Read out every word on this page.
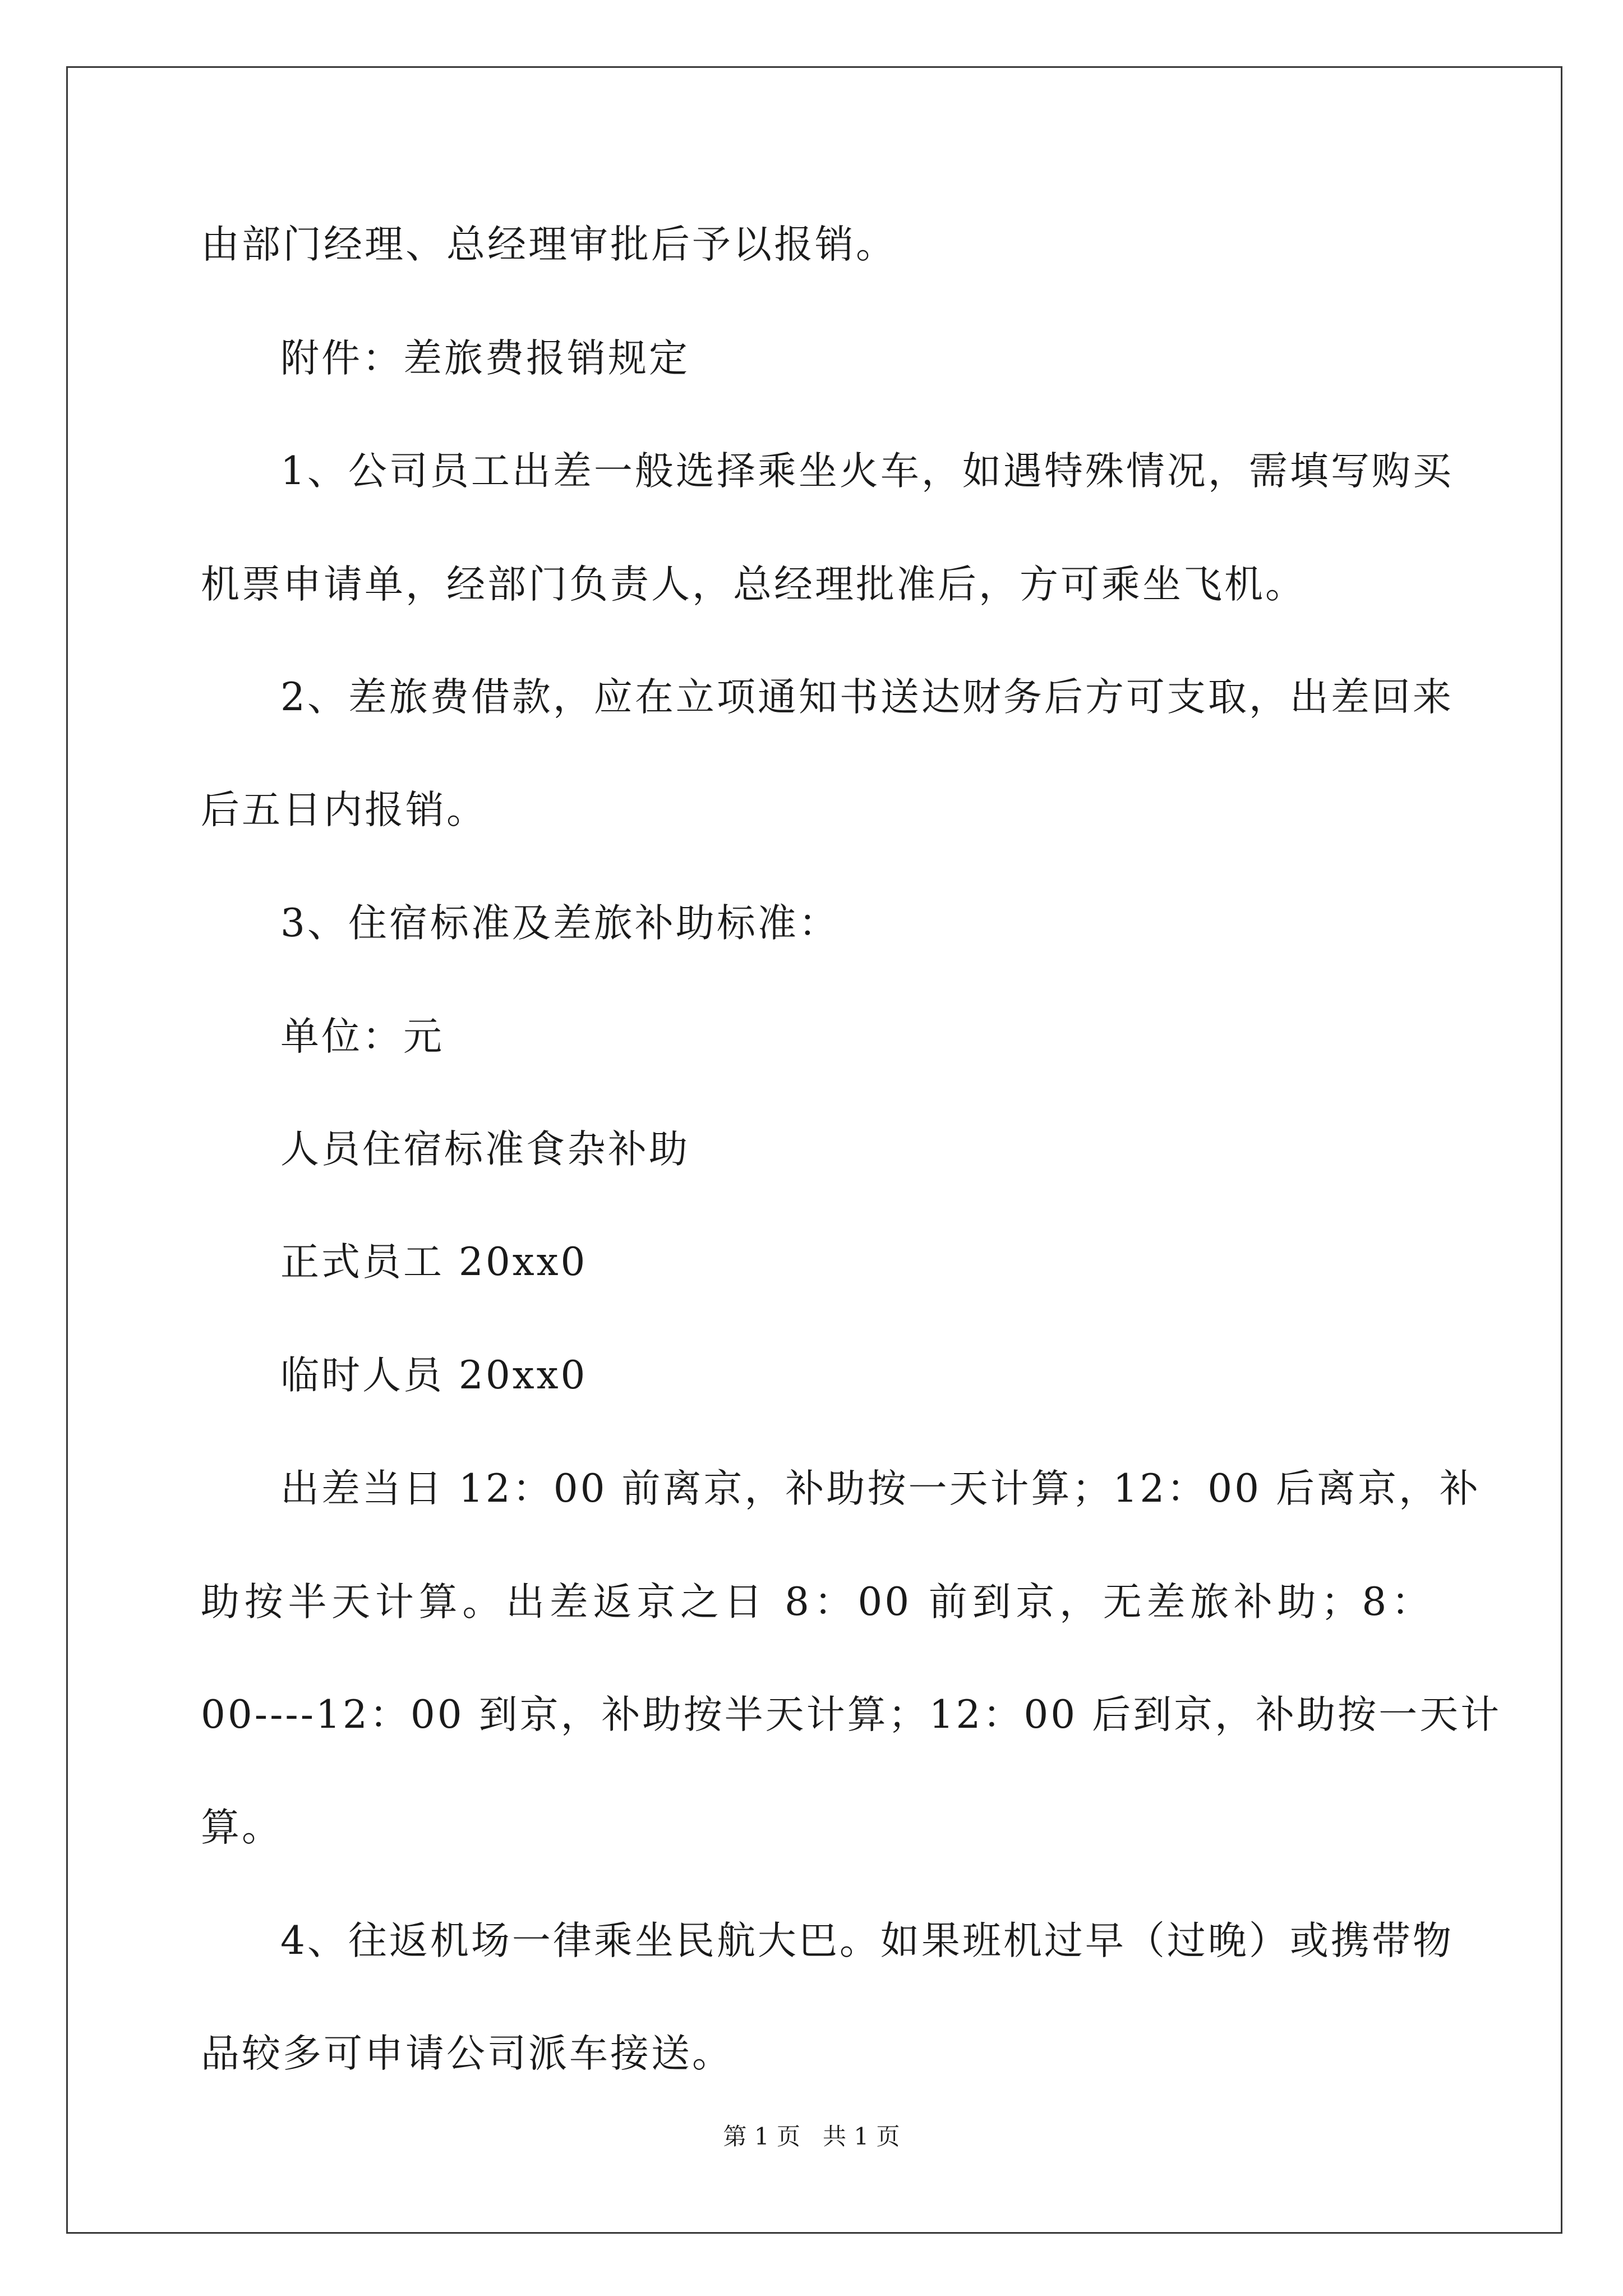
由部门经理、总经理审批后予以报销。
附件：差旅费报销规定
1、公司员工出差一般选择乘坐火车，如遇特殊情况，需填写购买
机票申请单，经部门负责人，总经理批准后，方可乘坐飞机。
2、差旅费借款，应在立项通知书送达财务后方可支取，出差回来
后五日内报销。
3、住宿标准及差旅补助标准：
单位：元
人员住宿标准食杂补助
正式员工 20xx0
临时人员 20xx0
出差当日 12：00 前离京，补助按一天计算；12：00 后离京，补
助按半天计算。出差返京之日 8：00 前到京，无差旅补助；8：
00----12：00 到京，补助按半天计算；12：00 后到京，补助按一天计
算。
4、往返机场一律乘坐民航大巴。如果班机过早（过晚）或携带物
品较多可申请公司派车接送。
第 1 页   共 1 页
